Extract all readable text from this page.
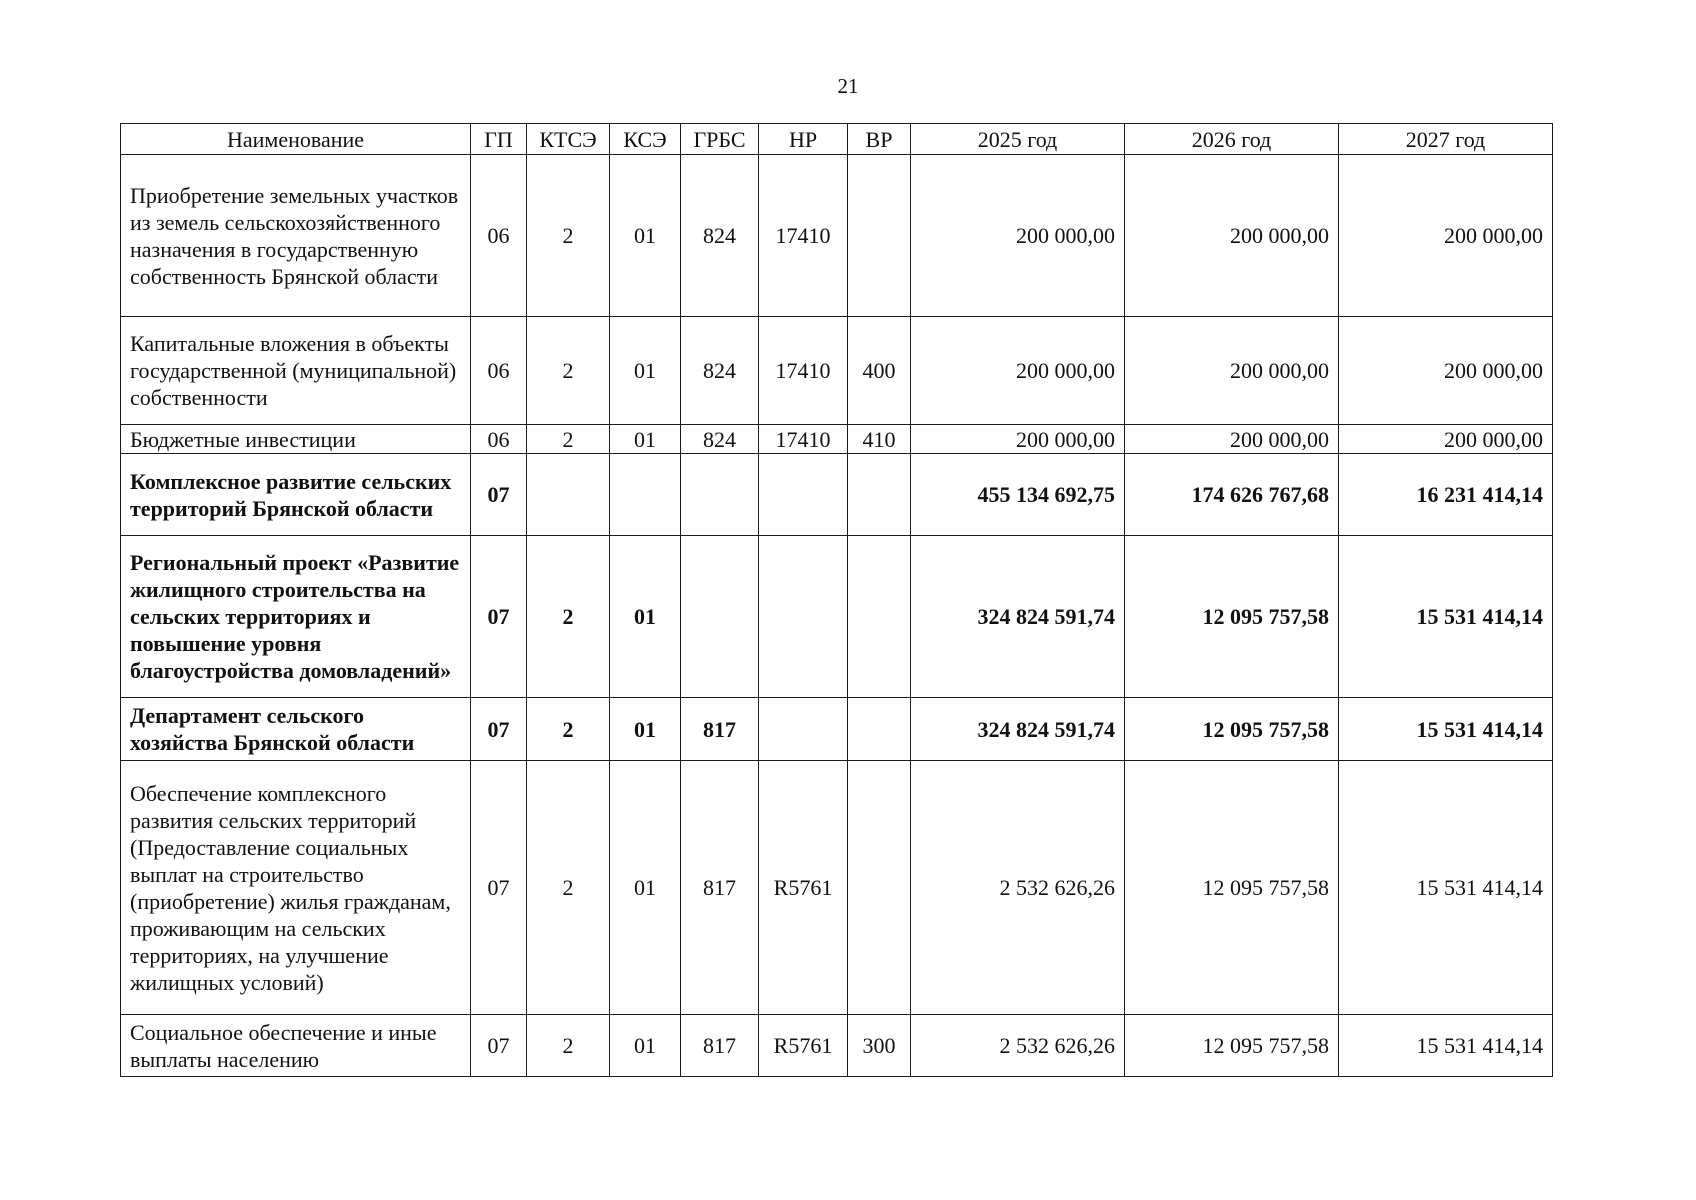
21
Наименование	ГП	КТСЭ	КСЭ	ГРБС	НР	ВР	2025 год	2026 год	2027 год
Приобретение земельных участков из земель сельскохозяйственного назначения в государственную собственность Брянской области	06	2	01	824	17410		200 000,00	200 000,00	200 000,00
Капитальные вложения в объекты государственной (муниципальной) собственности	06	2	01	824	17410	400	200 000,00	200 000,00	200 000,00
Бюджетные инвестиции	06	2	01	824	17410	410	200 000,00	200 000,00	200 000,00
Комплексное развитие сельских территорий Брянской области	07						455 134 692,75	174 626 767,68	16 231 414,14
Региональный проект «Развитие жилищного строительства на сельских территориях и повышение уровня благоустройства домовладений»	07	2	01				324 824 591,74	12 095 757,58	15 531 414,14
Департамент сельского хозяйства Брянской области	07	2	01	817			324 824 591,74	12 095 757,58	15 531 414,14
Обеспечение комплексного развития сельских территорий (Предоставление социальных выплат на строительство (приобретение) жилья гражданам, проживающим на сельских территориях, на улучшение жилищных условий)	07	2	01	817	R5761		2 532 626,26	12 095 757,58	15 531 414,14
Социальное обеспечение и иные выплаты населению	07	2	01	817	R5761	300	2 532 626,26	12 095 757,58	15 531 414,14
